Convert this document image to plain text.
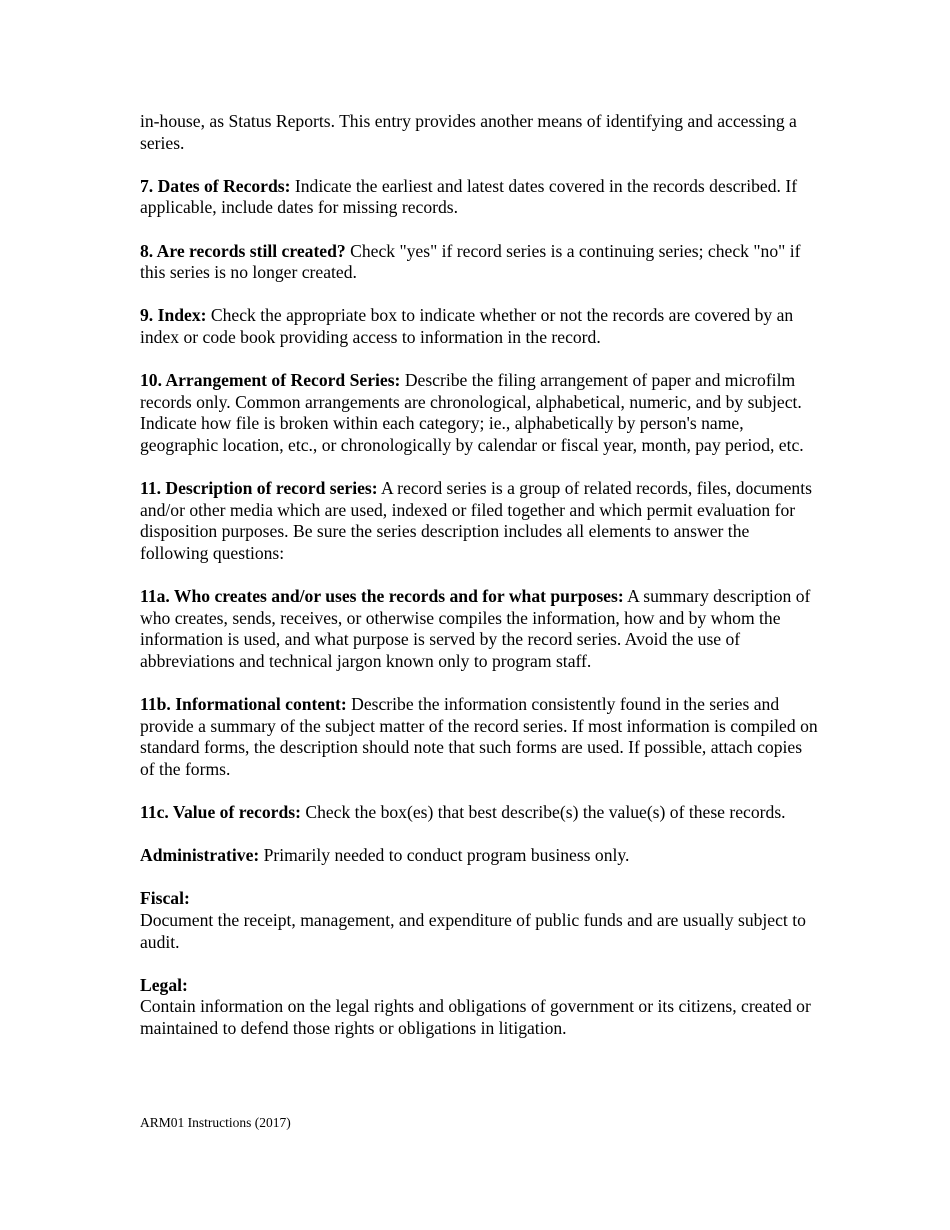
in-house, as Status Reports. This entry provides another means of identifying and accessing a series.

7. Dates of Records: Indicate the earliest and latest dates covered in the records described. If applicable, include dates for missing records.

8. Are records still created? Check "yes" if record series is a continuing series; check "no" if this series is no longer created.

9. Index: Check the appropriate box to indicate whether or not the records are covered by an index or code book providing access to information in the record.

10. Arrangement of Record Series: Describe the filing arrangement of paper and microfilm records only. Common arrangements are chronological, alphabetical, numeric, and by subject. Indicate how file is broken within each category; ie., alphabetically by person's name, geographic location, etc., or chronologically by calendar or fiscal year, month, pay period, etc.

11. Description of record series: A record series is a group of related records, files, documents and/or other media which are used, indexed or filed together and which permit evaluation for disposition purposes. Be sure the series description includes all elements to answer the following questions:

11a. Who creates and/or uses the records and for what purposes: A summary description of who creates, sends, receives, or otherwise compiles the information, how and by whom the information is used, and what purpose is served by the record series. Avoid the use of abbreviations and technical jargon known only to program staff.

11b. Informational content: Describe the information consistently found in the series and provide a summary of the subject matter of the record series. If most information is compiled on standard forms, the description should note that such forms are used. If possible, attach copies of the forms.

11c. Value of records: Check the box(es) that best describe(s) the value(s) of these records.

Administrative: Primarily needed to conduct program business only.

Fiscal:

Document the receipt, management, and expenditure of public funds and are usually subject to audit.

Legal:

Contain information on the legal rights and obligations of government or its citizens, created or maintained to defend those rights or obligations in litigation.

ARM01 Instructions (2017)
